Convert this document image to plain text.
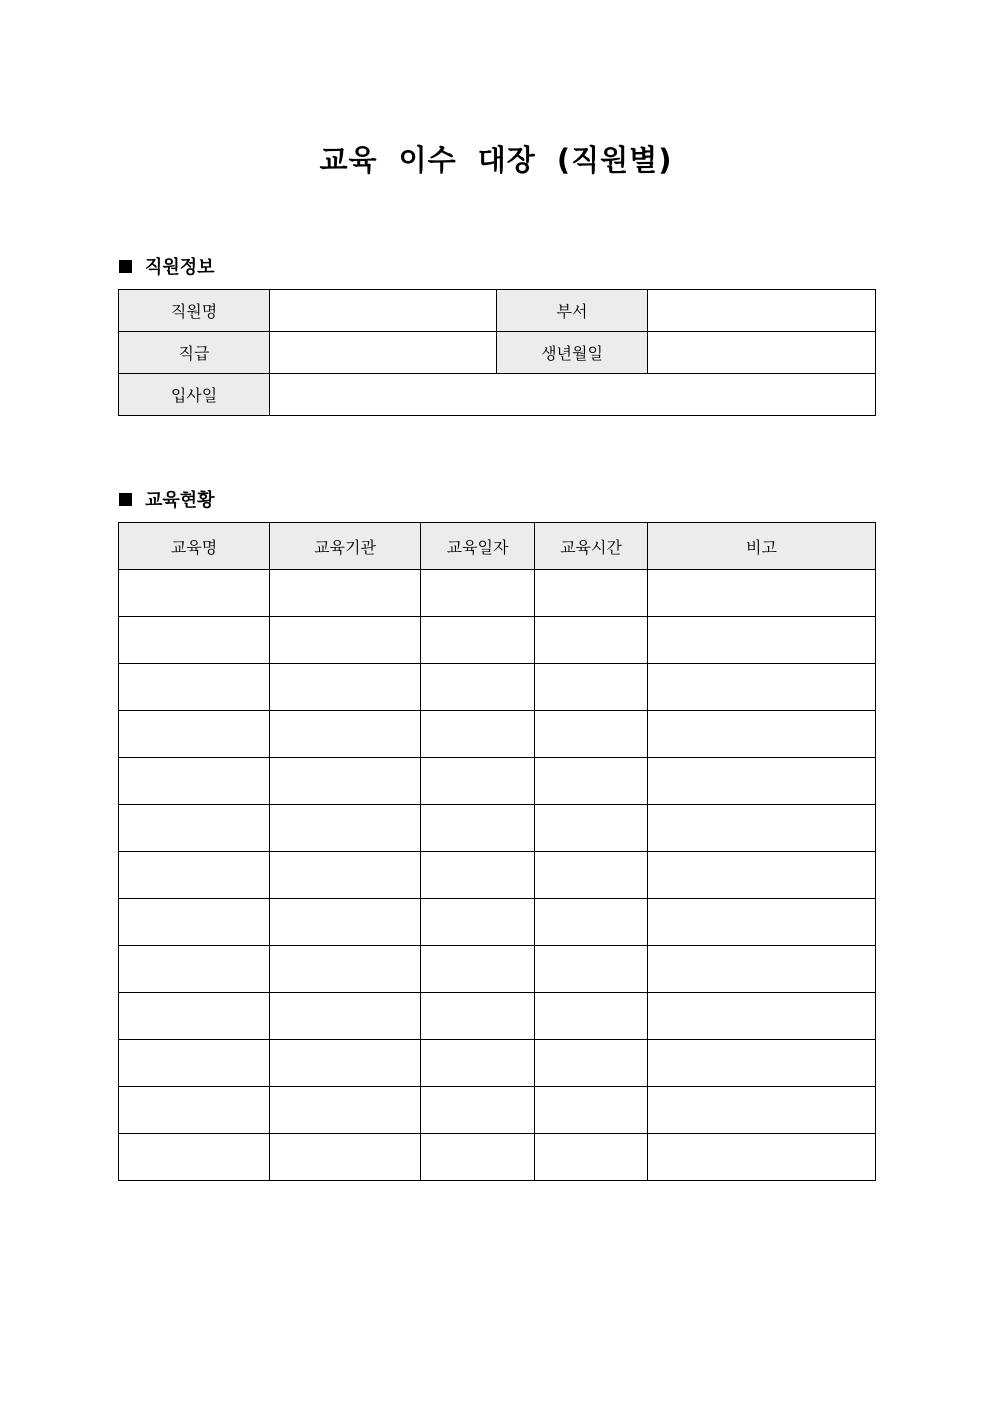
교육 이수 대장 (직원별)
직원정보
직원명		부서	
직급		생년월일	
입사일			
교육현황
교육명	교육기관	교육일자	교육시간	비고
